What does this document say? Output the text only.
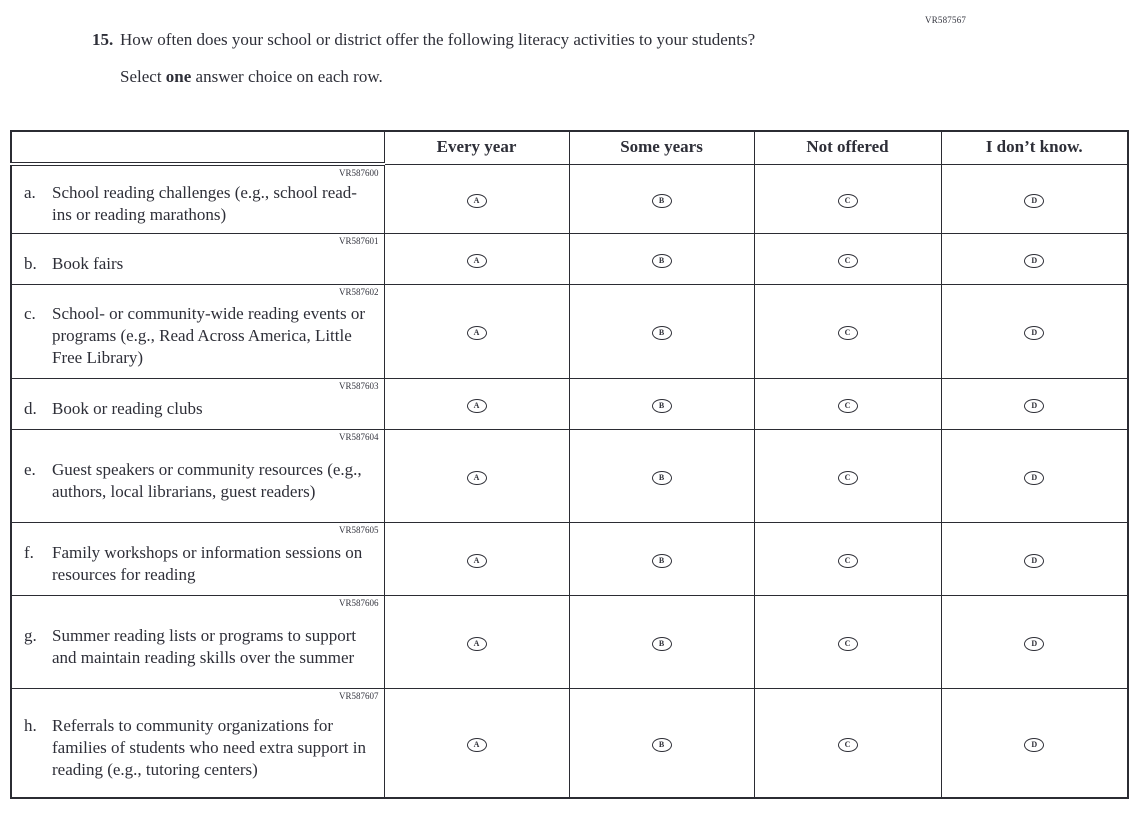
VR587567
15. How often does your school or district offer the following literacy activities to your students?
Select one answer choice on each row.
	Every year	Some years	Not offered	I don’t know.

VR587600
a. School reading challenges (e.g., school read-ins or reading marathons)	A	B	C	D

VR587601
b. Book fairs	A	B	C	D

VR587602
c. School- or community-wide reading events or programs (e.g., Read Across America, Little Free Library)	A	B	C	D

VR587603
d. Book or reading clubs	A	B	C	D

VR587604
e. Guest speakers or community resources (e.g., authors, local librarians, guest readers)	A	B	C	D

VR587605
f. Family workshops or information sessions on resources for reading	A	B	C	D

VR587606
g. Summer reading lists or programs to support and maintain reading skills over the summer	A	B	C	D

VR587607
h. Referrals to community organizations for families of students who need extra support in reading (e.g., tutoring centers)	A	B	C	D
